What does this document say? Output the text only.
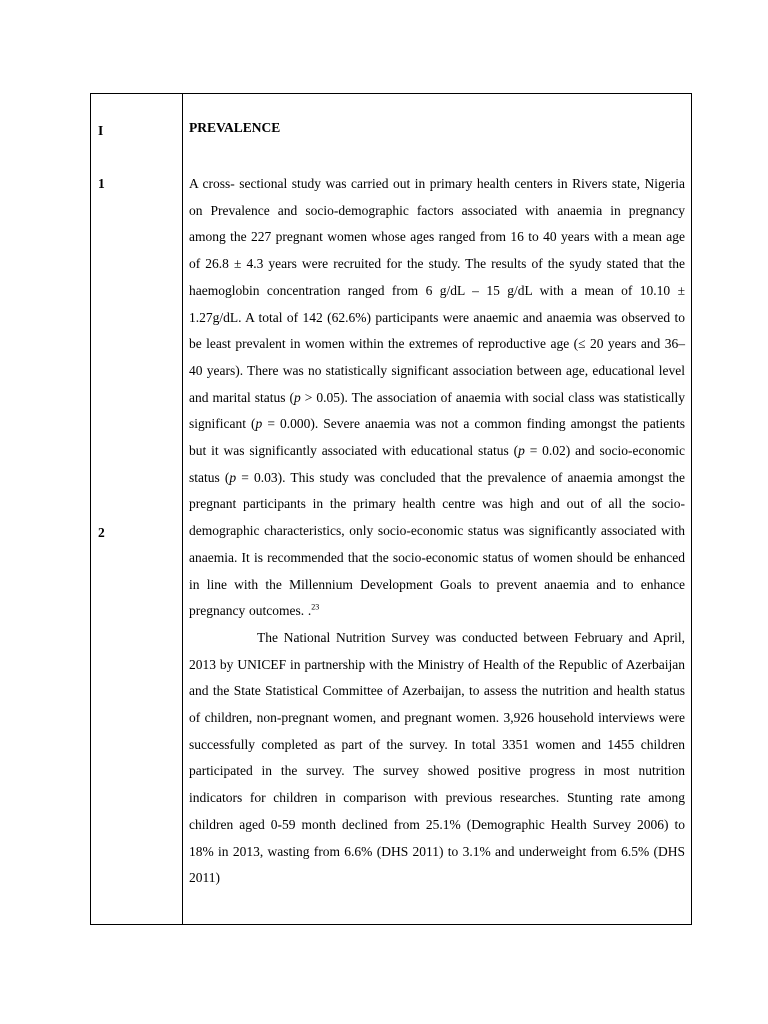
I
1
2

PREVALENCE

A cross- sectional study was carried out in primary health centers in Rivers state, Nigeria on Prevalence and socio-demographic factors associated with anaemia in pregnancy among the 227 pregnant women whose ages ranged from 16 to 40 years with a mean age of 26.8 ± 4.3 years were recruited for the study. The results of the syudy stated that the haemoglobin concentration ranged from 6 g/dL – 15 g/dL with a mean of 10.10 ± 1.27g/dL. A total of 142 (62.6%) participants were anaemic and anaemia was observed to be least prevalent in women within the extremes of reproductive age (≤ 20 years and 36–40 years). There was no statistically significant association between age, educational level and marital status (p > 0.05). The association of anaemia with social class was statistically significant (p = 0.000). Severe anaemia was not a common finding amongst the patients but it was significantly associated with educational status (p = 0.02) and socio-economic status (p = 0.03). This study was concluded that the prevalence of anaemia amongst the pregnant participants in the primary health centre was high and out of all the socio-demographic characteristics, only socio-economic status was significantly associated with anaemia. It is recommended that the socio-economic status of women should be enhanced in line with the Millennium Development Goals to prevent anaemia and to enhance pregnancy outcomes. .$^{23}$

The National Nutrition Survey was conducted between February and April, 2013 by UNICEF in partnership with the Ministry of Health of the Republic of Azerbaijan and the State Statistical Committee of Azerbaijan, to assess the nutrition and health status of children, non-pregnant women, and pregnant women. 3,926 household interviews were successfully completed as part of the survey. In total 3351 women and 1455 children participated in the survey. The survey showed positive progress in most nutrition indicators for children in comparison with previous researches. Stunting rate among children aged 0-59 month declined from 25.1% (Demographic Health Survey 2006) to 18% in 2013, wasting from 6.6% (DHS 2011) to 3.1% and underweight from 6.5% (DHS 2011)
